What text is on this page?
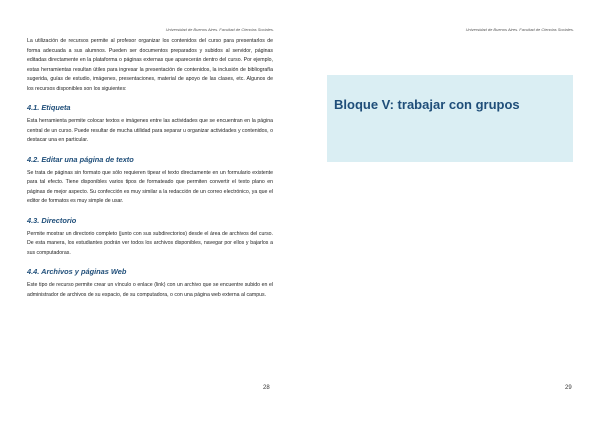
Universidad de Buenos Aires. Facultad de Ciencias Sociales.

La utilización de recursos permite al profesor organizar los contenidos del curso para presentarlos de forma adecuada a sus alumnos. Pueden ser documentos preparados y subidos al servidor, páginas editadas directamente en la plataforma o páginas externas que aparecerán dentro del curso. Por ejemplo, estas herramientas resultan útiles para ingresar la presentación de contenidos, la inclusión de bibliografía sugerida, guías de estudio, imágenes, presentaciones, material de apoyo de las clases, etc. Algunos de los recursos disponibles son los siguientes:

4.1. Etiqueta

Esta herramienta permite colocar textos e imágenes entre las actividades que se encuentran en la página central de un curso. Puede resultar de mucha utilidad para separar u organizar actividades y contenidos, o destacar una en particular.

4.2. Editar una página de texto

Se trata de páginas sin formato que sólo requieren tipear el texto directamente en un formulario existente para tal efecto. Tiene disponibles varios tipos de formateado que permiten convertir el texto plano en páginas de mejor aspecto. Su confección es muy similar a la redacción de un correo electrónico, ya que el editor de formatos es muy simple de usar.

4.3. Directorio

Permite mostrar un directorio completo (junto con sus subdirectorios) desde el área de archivos del curso. De esta manera, los estudiantes podrán ver todos los archivos disponibles, navegar por ellos y bajarlos a sus computadoras.

4.4. Archivos y páginas Web

Este tipo de recurso permite crear un vínculo o enlace (link) con un archivo que se encuentre subido en el administrador de archivos de su espacio, de su computadora, o con una página web externa al campus.

28
Universidad de Buenos Aires. Facultad de Ciencias Sociales.
Bloque V: trabajar con grupos
29
